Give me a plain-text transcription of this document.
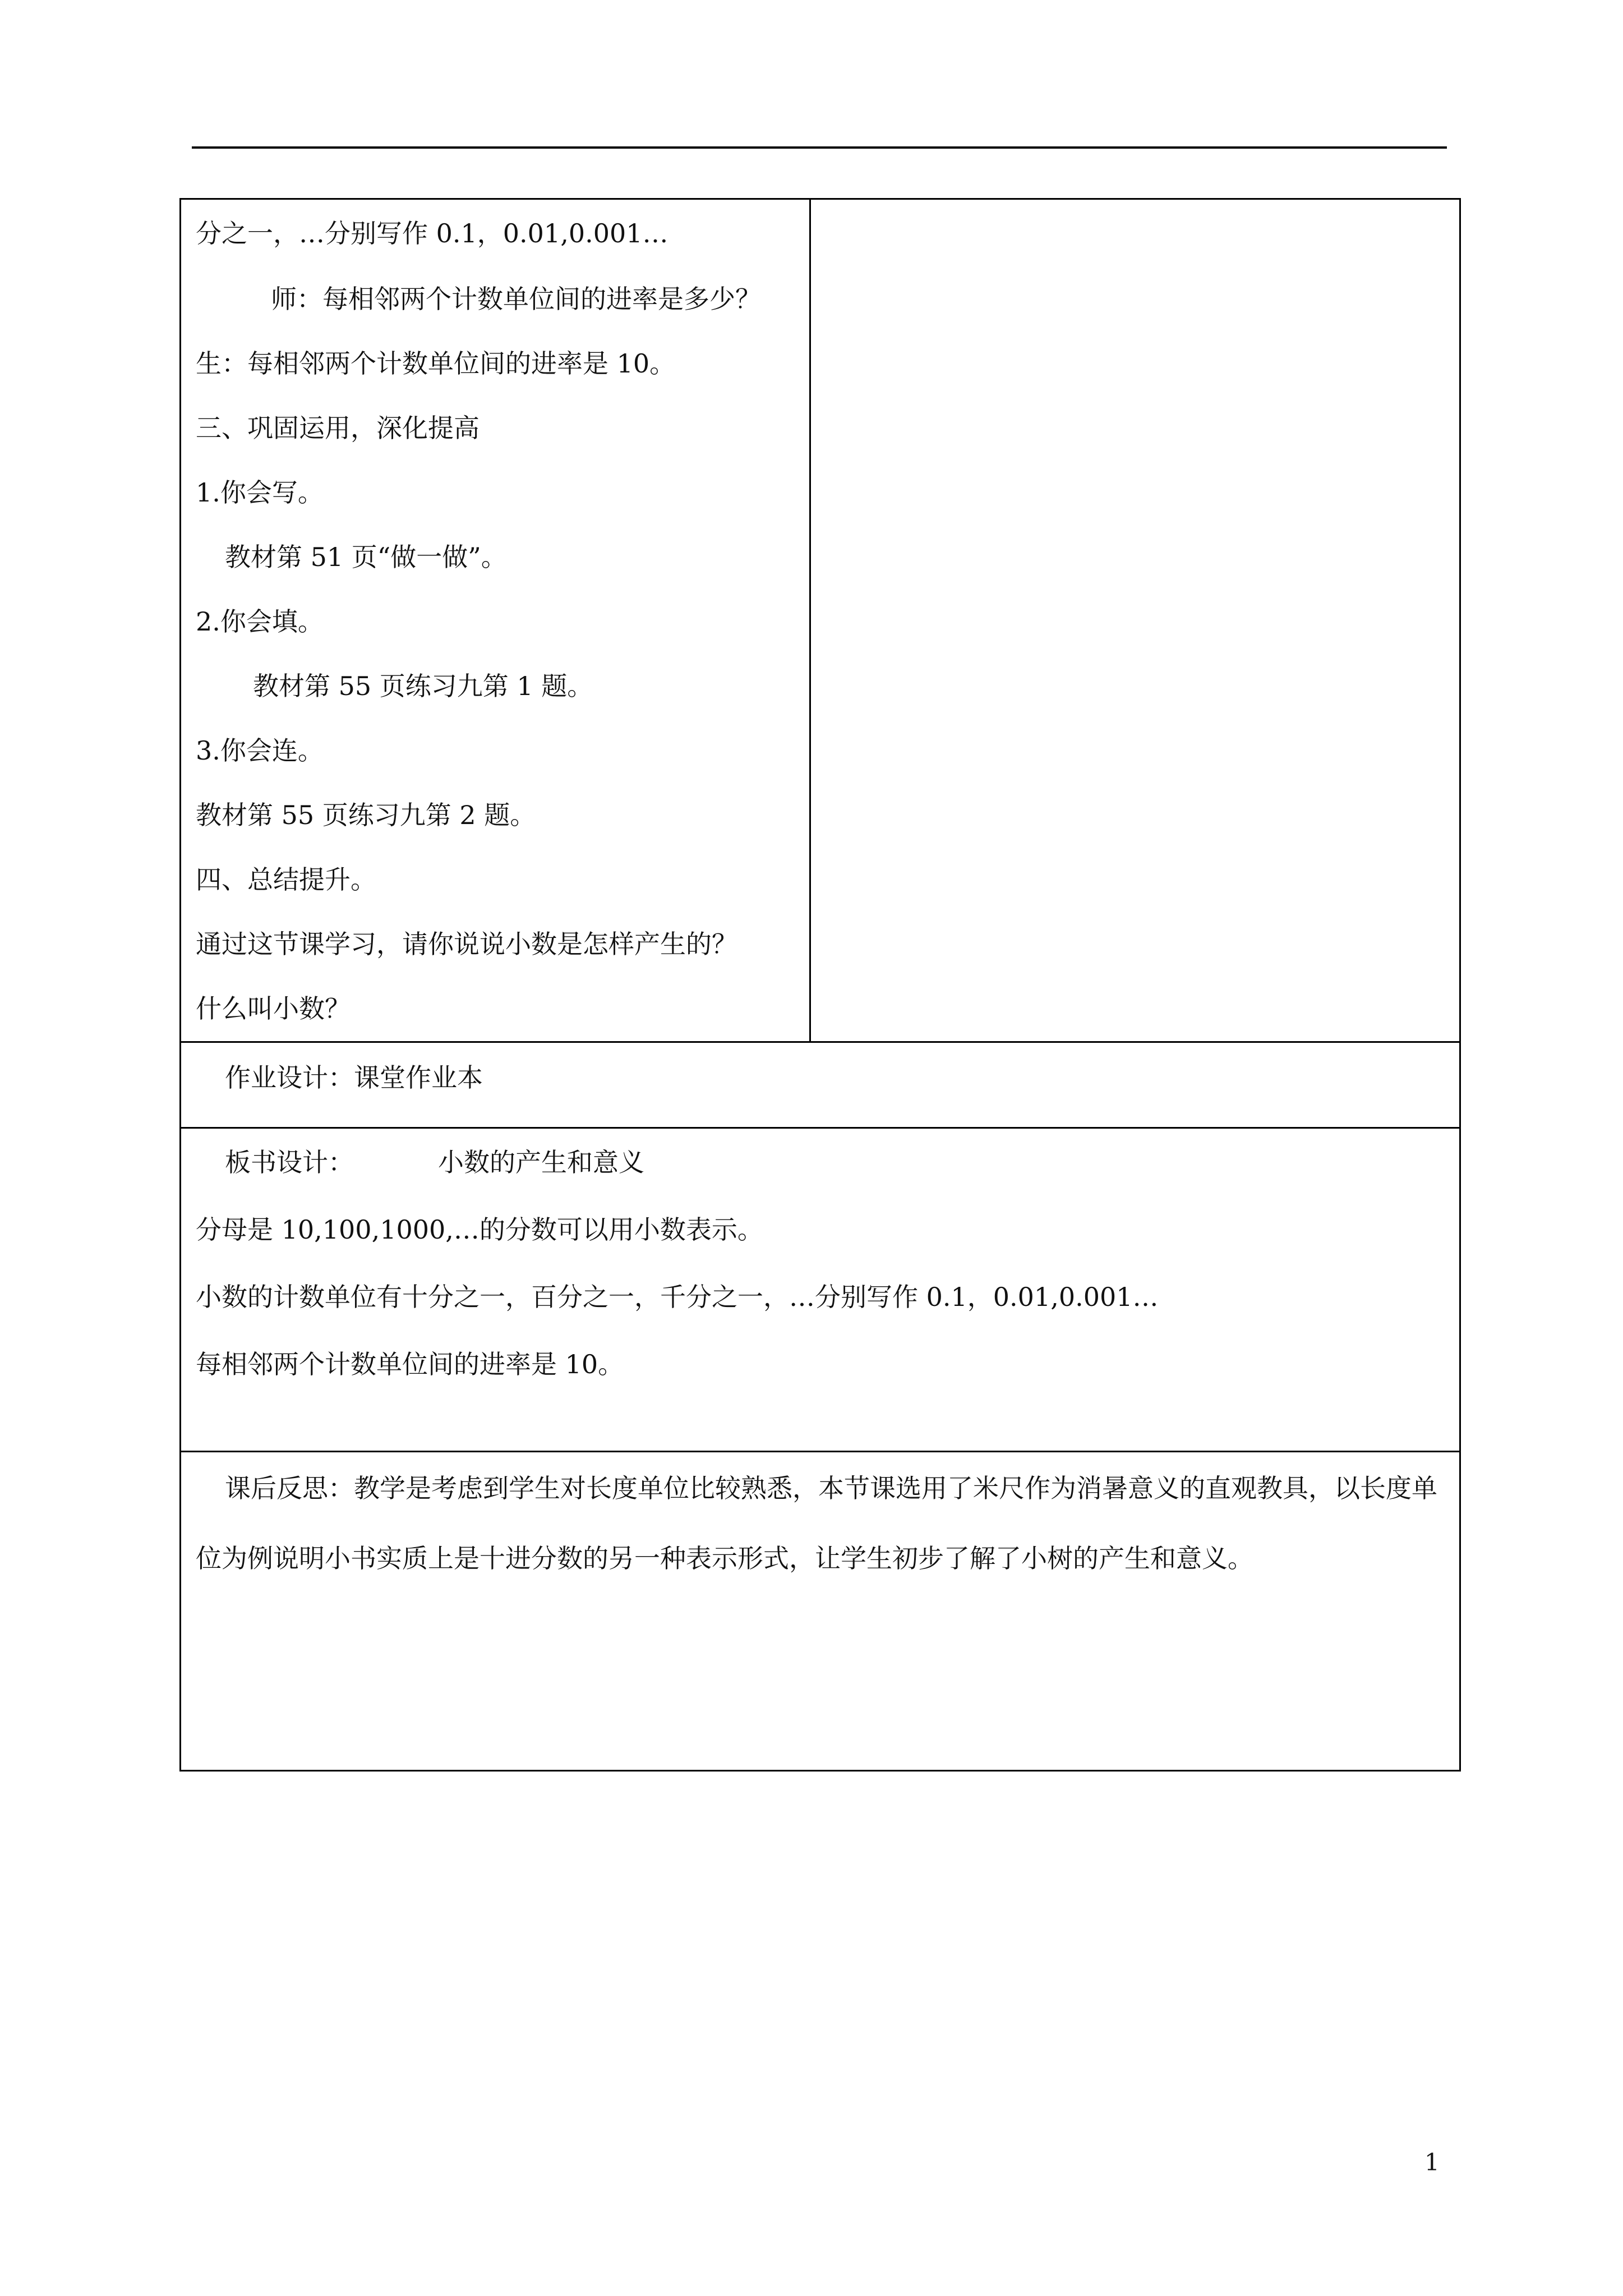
分之一，…分别写作 0.1，0.01,0.001…
师：每相邻两个计数单位间的进率是多少？
生：每相邻两个计数单位间的进率是 10。
三、巩固运用，深化提高
1.你会写。
教材第 51 页“做一做”。
2.你会填。
教材第 55 页练习九第 1 题。
3.你会连。
教材第 55 页练习九第 2 题。
四、总结提升。
通过这节课学习，请你说说小数是怎样产生的？
什么叫小数？

作业设计：课堂作业本

板书设计：	小数的产生和意义
分母是 10,100,1000,…的分数可以用小数表示。
小数的计数单位有十分之一，百分之一，千分之一，…分别写作 0.1，0.01,0.001…
每相邻两个计数单位间的进率是 10。

课后反思：教学是考虑到学生对长度单位比较熟悉，本节课选用了米尺作为消暑意义的直观教具，以长度单位为例说明小书实质上是十进分数的另一种表示形式，让学生初步了解了小树的产生和意义。
1
